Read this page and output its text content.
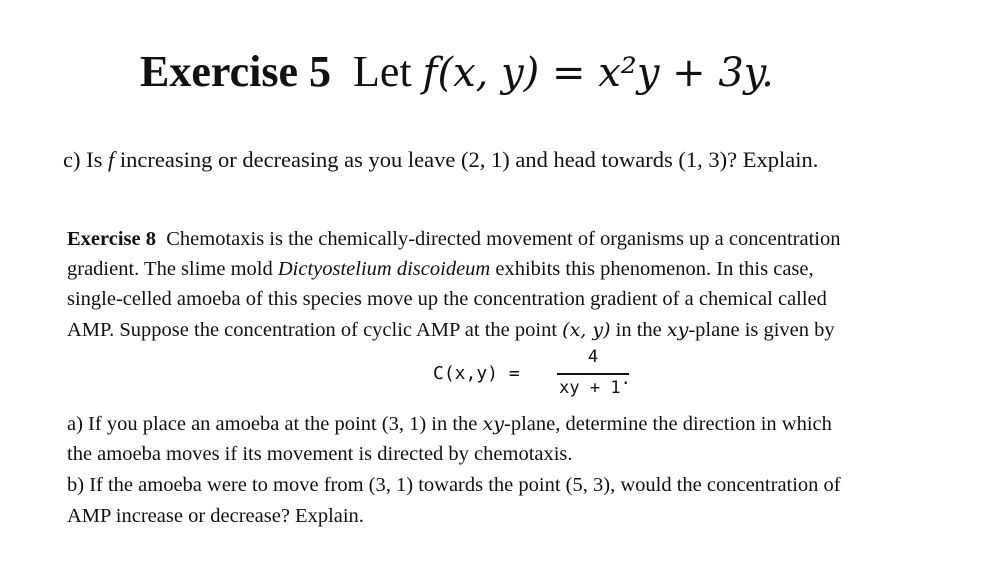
Exercise 5 Let f(x, y) = x²y + 3y.
c) Is f increasing or decreasing as you leave (2, 1) and head towards (1, 3)? Explain.
Exercise 8 Chemotaxis is the chemically-directed movement of organisms up a concentration
gradient. The slime mold Dictyostelium discoideum exhibits this phenomenon. In this case,
single-celled amoeba of this species move up the concentration gradient of a chemical called
AMP. Suppose the concentration of cyclic AMP at the point (x, y) in the xy-plane is given by
C(x,y) =
4
xy + 1.
a) If you place an amoeba at the point (3, 1) in the xy-plane, determine the direction in which
the amoeba moves if its movement is directed by chemotaxis.
b) If the amoeba were to move from (3, 1) towards the point (5, 3), would the concentration of
AMP increase or decrease? Explain.
